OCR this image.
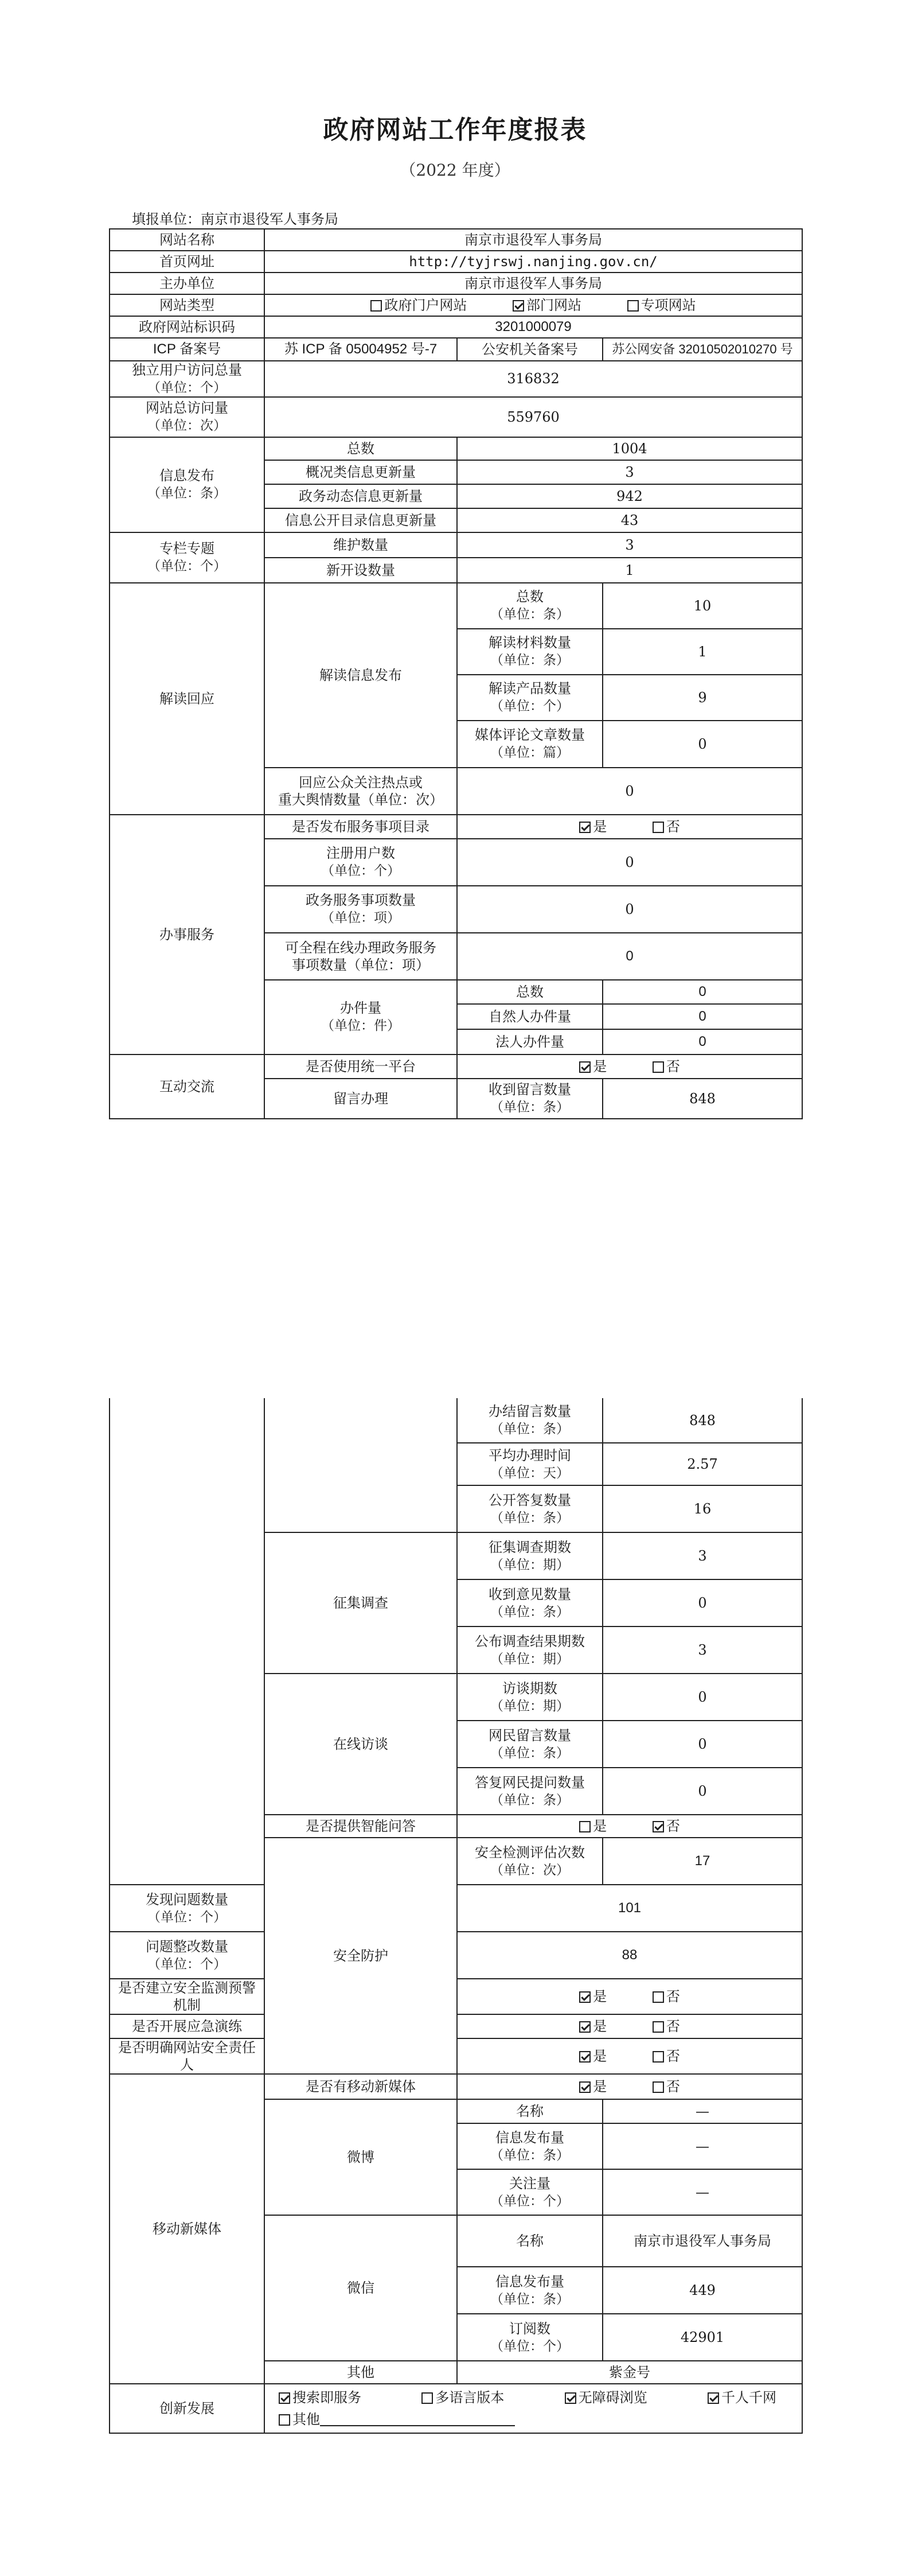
政府网站工作年度报表
（2022 年度）
填报单位：南京市退役军人事务局
网站名称	南京市退役军人事务局		
首页网址	http://tyjrswj.nanjing.gov.cn/		
主办单位	南京市退役军人事务局		
网站类型	政府门户网站 部门网站 专项网站		
政府网站标识码	3201000079		
ICP 备案号	苏 ICP 备 05004952 号-7	公安机关备案号	苏公网安备 32010502010270 号
独立用户访问总量
（单位：个）	316832		
网站总访问量
（单位：次）	559760		
信息发布
（单位：条）	总数	1004	
	概况类信息更新量	3	
	政务动态信息更新量	942	
	信息公开目录信息更新量	43	
专栏专题
（单位：个）	维护数量	3	
	新开设数量	1	
解读回应	解读信息发布	总数
（单位：条）	10
		解读材料数量
（单位：条）	1
		解读产品数量
（单位：个）	9
		媒体评论文章数量
（单位：篇）	0
	回应公众关注热点或
重大舆情数量（单位：次）	0	
办事服务	是否发布服务事项目录	是 否	
	注册用户数
（单位：个）	0	
	政务服务事项数量
（单位：项）	0	
	可全程在线办理政务服务
事项数量（单位：项）	0	
	办件量
（单位：件）	总数	0
		自然人办件量	0
		法人办件量	0
互动交流	是否使用统一平台	是 否	
	留言办理	收到留言数量
（单位：条）	848
		办结留言数量
（单位：条）	848
		平均办理时间
（单位：天）	2.57
		公开答复数量
（单位：条）	16
	征集调查	征集调查期数
（单位：期）	3
		收到意见数量
（单位：条）	0
		公布调查结果期数
（单位：期）	3
	在线访谈	访谈期数
（单位：期）	0
		网民留言数量
（单位：条）	0
		答复网民提问数量
（单位：条）	0
	是否提供智能问答	是 否	
	安全防护	安全检测评估次数
（单位：次）	17
发现问题数量
（单位：个）		101	
问题整改数量
（单位：个）		88	
是否建立安全监测预警机制		是 否	
是否开展应急演练		是 否	
是否明确网站安全责任人		是 否	
移动新媒体	是否有移动新媒体	是 否	
	微博	名称	—
		信息发布量
（单位：条）	—
		关注量
（单位：个）	—
	微信	名称	南京市退役军人事务局
		信息发布量
（单位：条）	449
		订阅数
（单位：个）	42901
	其他	紫金号	
创新发展	搜索即服务 多语言版本 无障碍浏览 千人千网
其他		
